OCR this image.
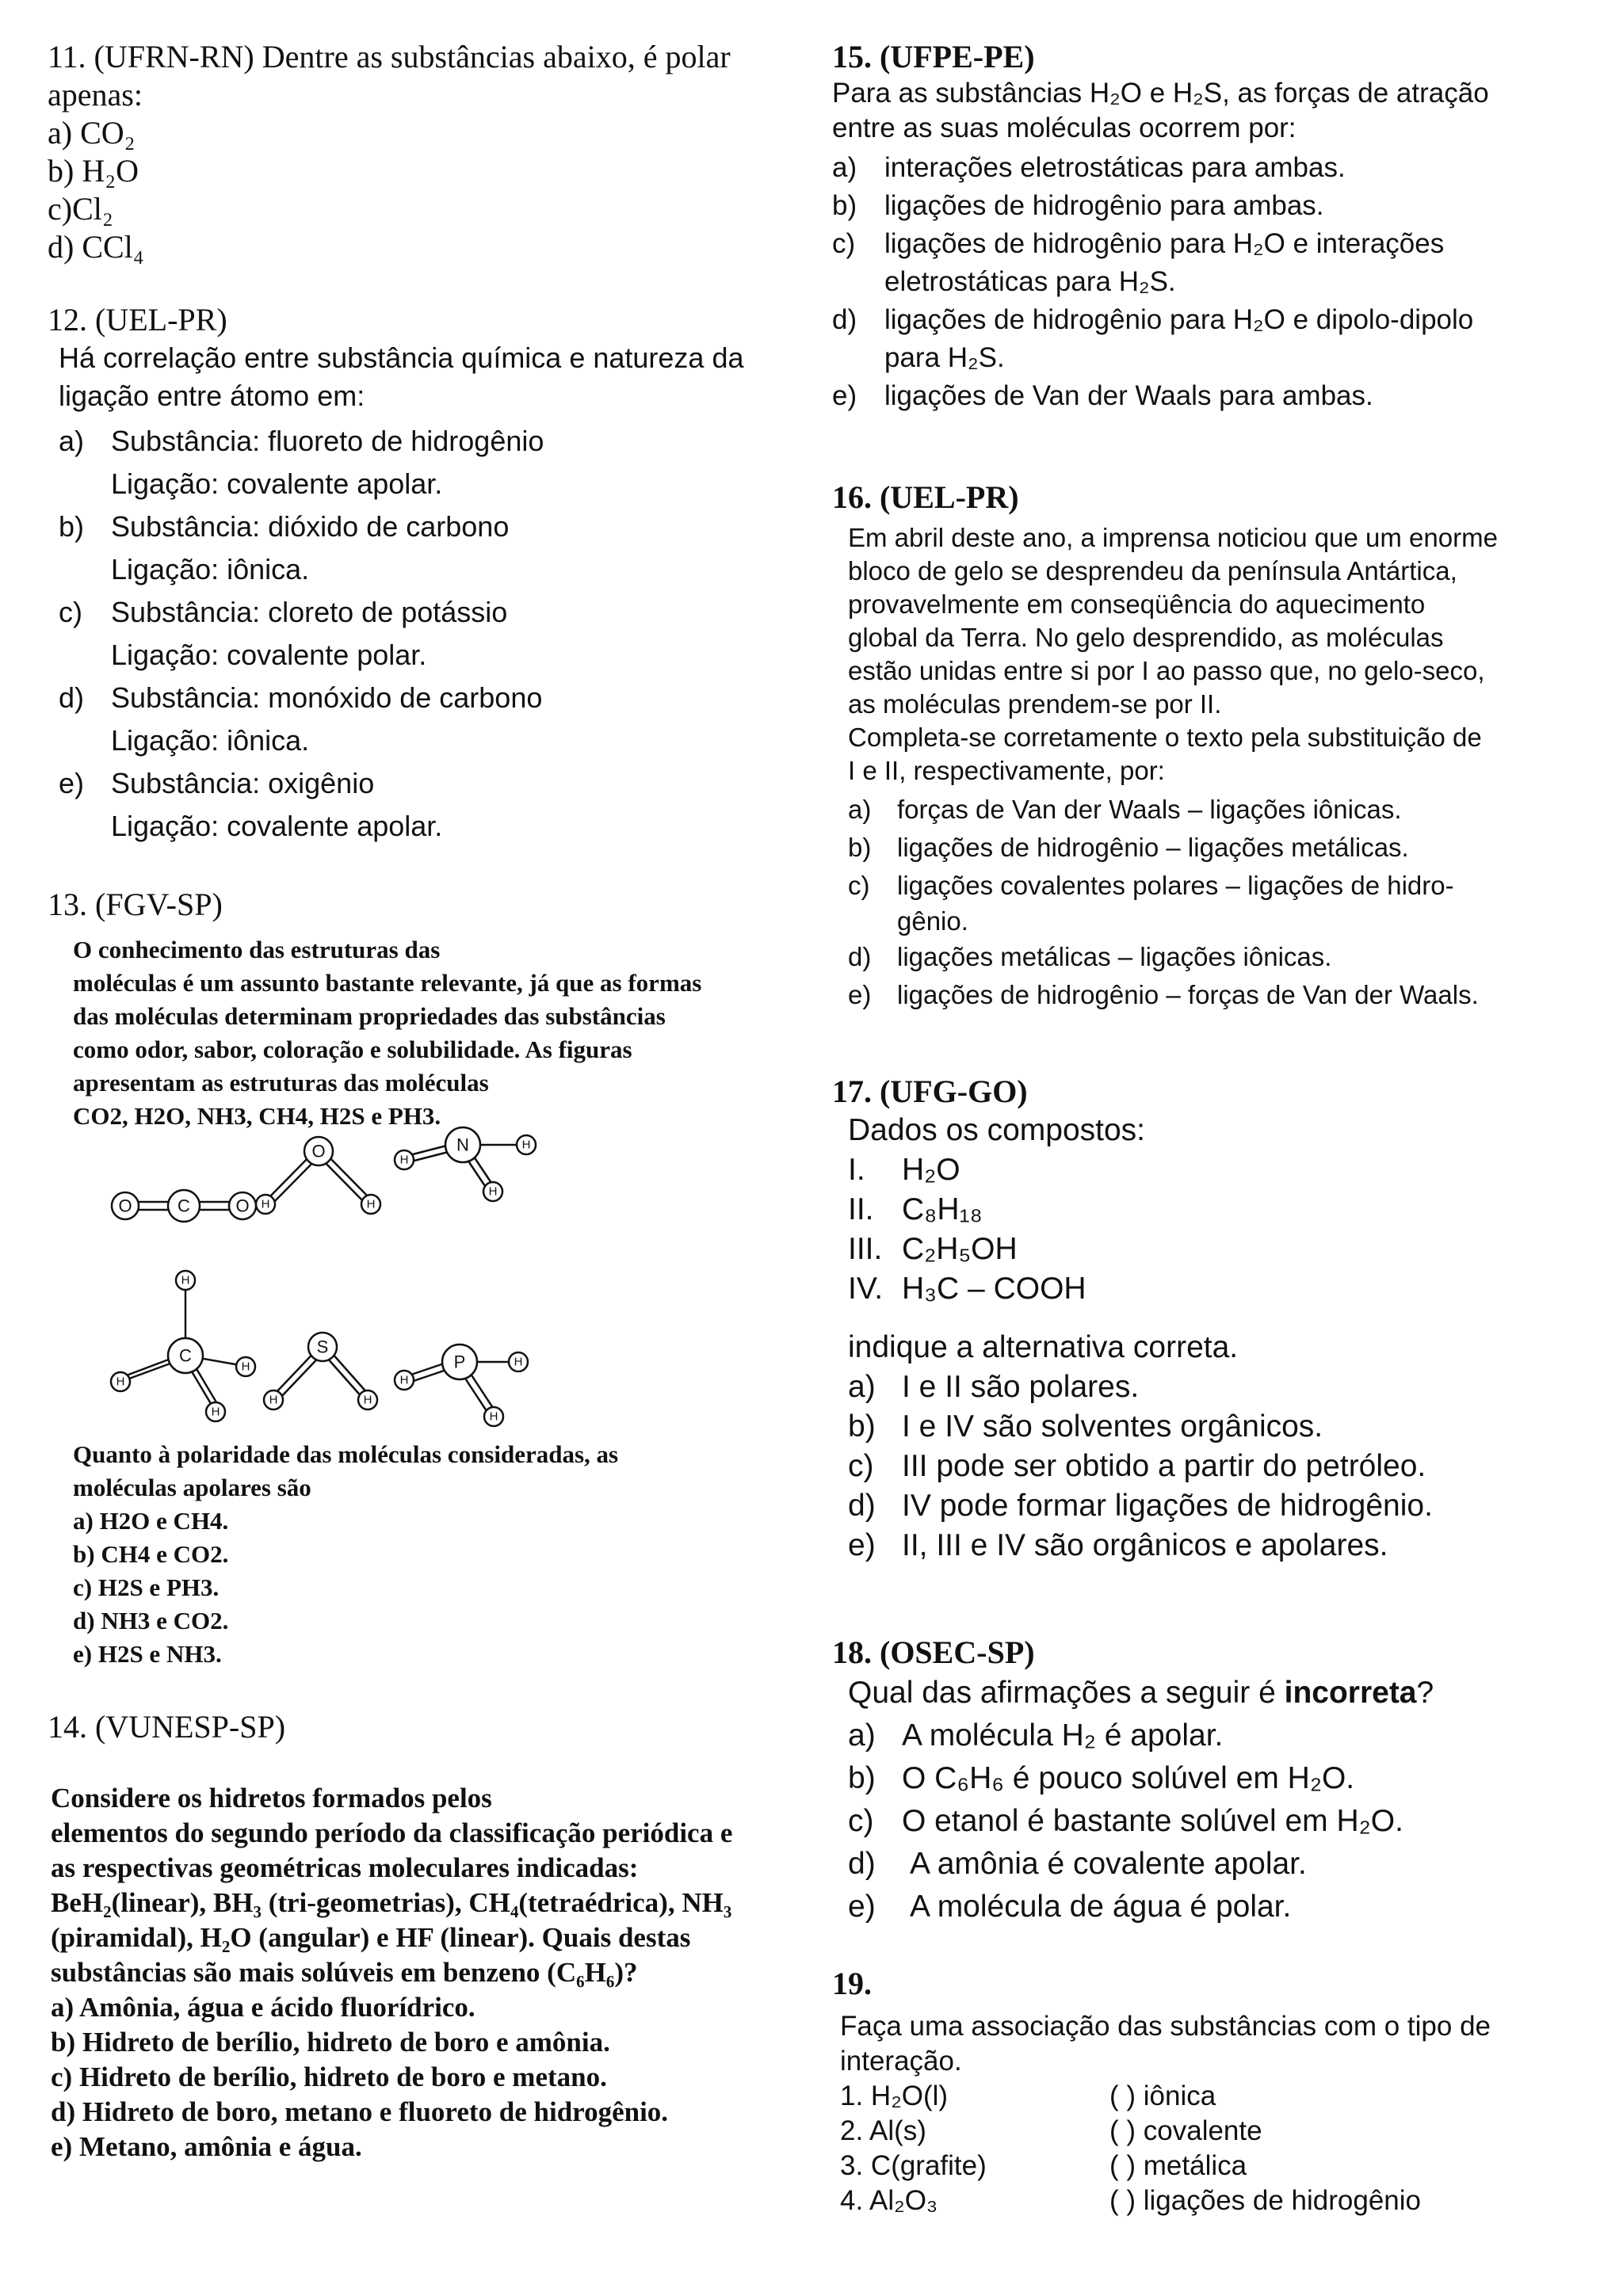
11. (UFRN-RN) Dentre as substâncias abaixo, é polar
apenas:
a) CO₂
b) H₂O
c)Cl₂
d) CCl₄
12. (UEL-PR)
Há correlação entre substância química e natureza da
ligação entre átomo em:
a) Substância: fluoreto de hidrogênio
Ligação: covalente apolar.
b) Substância: dióxido de carbono
Ligação: iônica.
c)	Substância: cloreto de potássio
Ligação: covalente polar.
d) Substância: monóxido de carbono
Ligação: iônica.
e) Substância: oxigênio
Ligação: covalente apolar.
13. (FGV-SP)
O conhecimento das estruturas das
moléculas é um assunto bastante relevante, já que as formas
das moléculas determinam propriedades das substâncias
como odor, sabor, coloração e solubilidade. As figuras
apresentam as estruturas das moléculas
CO2, H2O, NH3, CH4, H2S e PH3.
O	C	O
O
H	H
N
H
H
H
C
H
H
H
H
S
H	H
P
H
H
H
Quanto à polaridade das moléculas consideradas, as
moléculas apolares são
a) H2O e CH4.
b) CH4 e CO2.
c) H2S e PH3.
d) NH3 e CO2.
e) H2S e NH3.
14. (VUNESP-SP)
Considere os hidretos formados pelos
elementos do segundo período da classificação periódica e
as respectivas geométricas moleculares indicadas:
BeH₂(linear), BH₃ (tri-geometrias), CH₄(tetraédrica), NH₃
(piramidal), H₂O (angular) e HF (linear). Quais destas
substâncias são mais solúveis em benzeno (C₆H₆)?
a) Amônia, água e ácido fluorídrico.
b) Hidreto de berílio, hidreto de boro e amônia.
c) Hidreto de berílio, hidreto de boro e metano.
d) Hidreto de boro, metano e fluoreto de hidrogênio.
e) Metano, amônia e água.
15. (UFPE-PE)
Para as substâncias H₂O e H₂S, as forças de atração
entre as suas moléculas ocorrem por:
a) interações eletrostáticas para ambas.
b) ligações de hidrogênio para ambas.
c)	ligações de hidrogênio para H₂O e interações
eletrostáticas para H₂S.
d) ligações de hidrogênio para H₂O e dipolo-dipolo
para H₂S.
e) ligações de Van der Waals para ambas.
16. (UEL-PR)
Em abril deste ano, a imprensa noticiou que um enorme
bloco de gelo se desprendeu da península Antártica,
provavelmente em conseqüência do aquecimento
global da Terra. No gelo desprendido, as moléculas
estão unidas entre si por I ao passo que, no gelo-seco,
as moléculas prendem-se por II.
Completa-se corretamente o texto pela substituição de
I e II, respectivamente, por:
a) forças de Van der Waals – ligações iônicas.
b) ligações de hidrogênio – ligações metálicas.
c)	ligações covalentes polares – ligações de hidro-
gênio.
d) ligações metálicas – ligações iônicas.
e) ligações de hidrogênio – forças de Van der Waals.
17. (UFG-GO)
Dados os compostos:
I.	H₂O
II. C₈H₁₈
III. C₂H₅OH
IV. H₃C – COOH
indique a alternativa correta.
a) I e II são polares.
b) I e IV são solventes orgânicos.
c) III pode ser obtido a partir do petróleo.
d) IV pode formar ligações de hidrogênio.
e) II, III e IV são orgânicos e apolares.
18. (OSEC-SP)
Qual das afirmações a seguir é incorreta?
a) A molécula H₂ é apolar.
b) O C₆H₆ é pouco solúvel em H₂O.
c) O etanol é bastante solúvel em H₂O.
d)	A amônia é covalente apolar.
e)	A molécula de água é polar.
19.
Faça uma associação das substâncias com o tipo de
interação.
1. H₂O(l)	( ) iônica
2. Al(s)	( ) covalente
3. C(grafite)	( ) metálica
4. Al₂O₃	( ) ligações de hidrogênio
